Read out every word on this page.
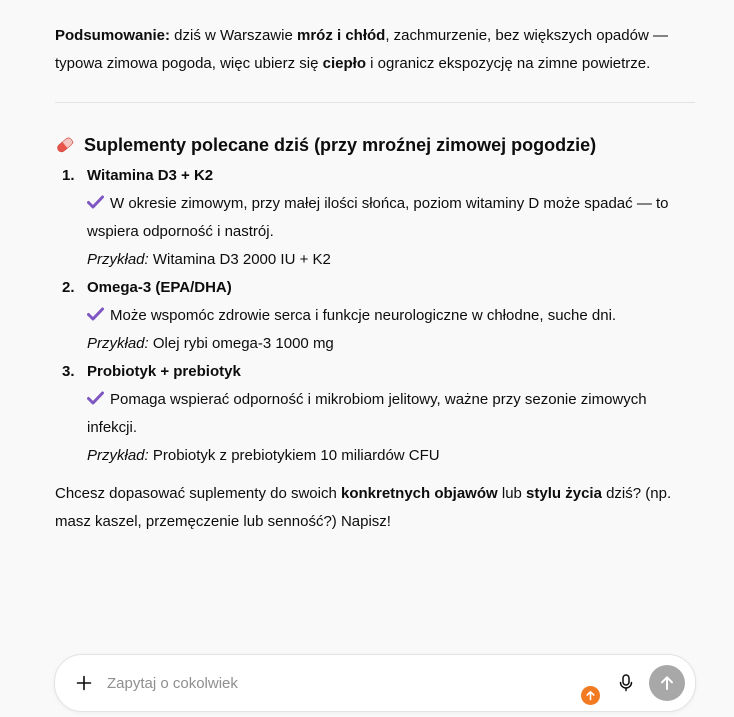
Podsumowanie: dziś w Warszawie mróz i chłód, zachmurzenie, bez większych opadów — typowa zimowa pogoda, więc ubierz się ciepło i ogranicz ekspozycję na zimne powietrze.

Suplementy polecane dziś (przy mroźnej zimowej pogodzie)
1. Witamina D3 + K2
W okresie zimowym, przy małej ilości słońca, poziom witaminy D może spadać — to wspiera odporność i nastrój.
Przykład: Witamina D3 2000 IU + K2
2. Omega-3 (EPA/DHA)
Może wspomóc zdrowie serca i funkcje neurologiczne w chłodne, suche dni.
Przykład: Olej rybi omega-3 1000 mg
3. Probiotyk + prebiotyk
Pomaga wspierać odporność i mikrobiom jelitowy, ważne przy sezonie zimowych infekcji.
Przykład: Probiotyk z prebiotykiem 10 miliardów CFU

Chcesz dopasować suplementy do swoich konkretnych objawów lub stylu życia dziś? (np. masz kaszel, przemęczenie lub senność?) Napisz!

Zapytaj o cokolwiek
